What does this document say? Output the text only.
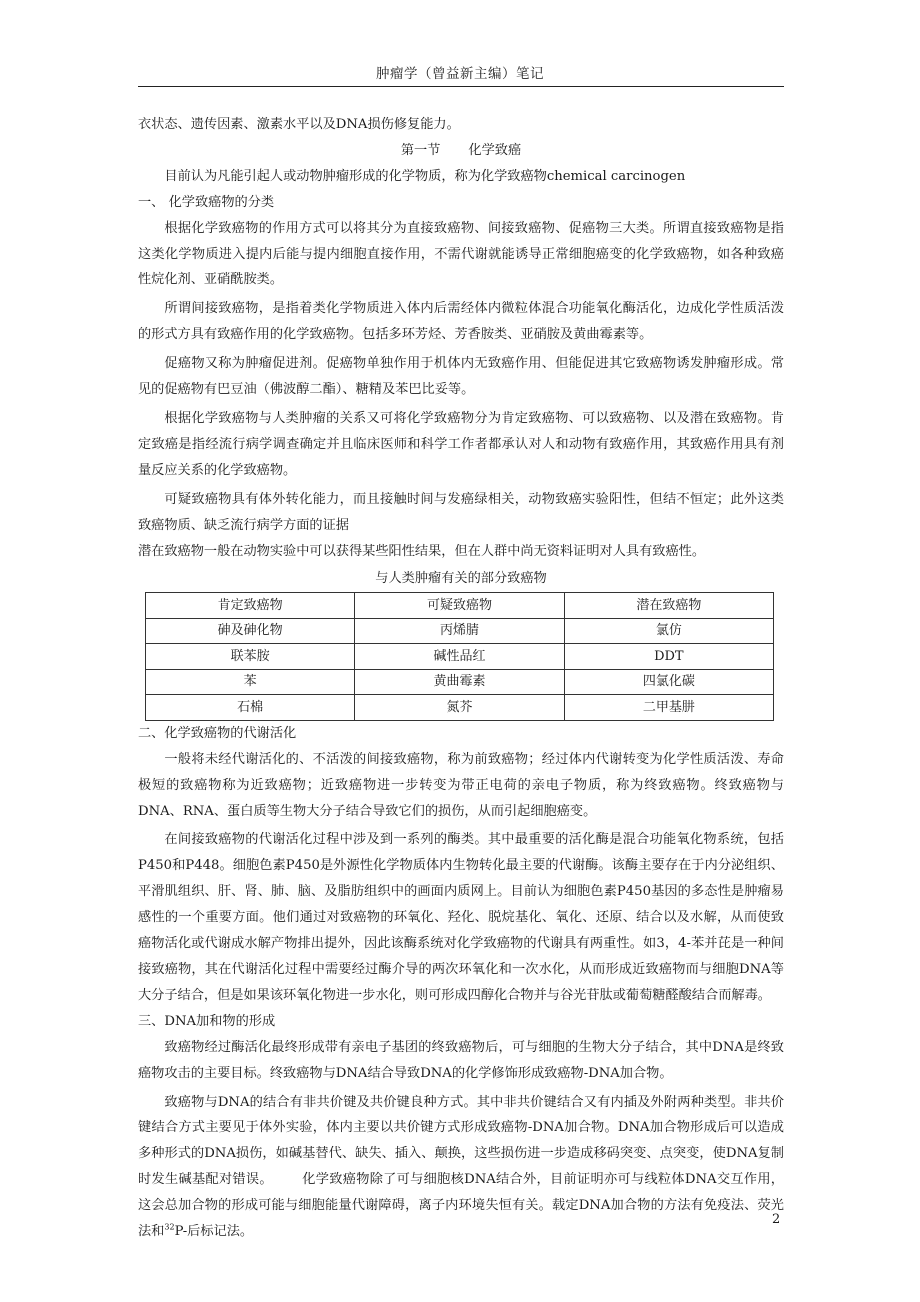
肿瘤学（曾益新主编）笔记

衣状态、遗传因素、激素水平以及DNA损伤修复能力。

第一节 化学致癌

目前认为凡能引起人或动物肿瘤形成的化学物质，称为化学致癌物chemical carcinogen

一、 化学致癌物的分类

根据化学致癌物的作用方式可以将其分为直接致癌物、间接致癌物、促癌物三大类。所谓直接致癌物是指这类化学物质进入提内后能与提内细胞直接作用，不需代谢就能诱导正常细胞癌变的化学致癌物，如各种致癌性烷化剂、亚硝酰胺类。

所谓间接致癌物，是指着类化学物质进入体内后需经体内微粒体混合功能氧化酶活化，边成化学性质活泼的形式方具有致癌作用的化学致癌物。包括多环芳烃、芳香胺类、亚硝胺及黄曲霉素等。

促癌物又称为肿瘤促进剂。促癌物单独作用于机体内无致癌作用、但能促进其它致癌物诱发肿瘤形成。常见的促癌物有巴豆油（佛波醇二酯）、糖精及苯巴比妥等。

根据化学致癌物与人类肿瘤的关系又可将化学致癌物分为肯定致癌物、可以致癌物、以及潜在致癌物。肯定致癌是指经流行病学调查确定并且临床医师和科学工作者都承认对人和动物有致癌作用，其致癌作用具有剂量反应关系的化学致癌物。

可疑致癌物具有体外转化能力，而且接触时间与发癌绿相关，动物致癌实验阳性，但结不恒定；此外这类致癌物质、缺乏流行病学方面的证据

潜在致癌物一般在动物实验中可以获得某些阳性结果，但在人群中尚无资料证明对人具有致癌性。

与人类肿瘤有关的部分致癌物

肯定致癌物	可疑致癌物	潜在致癌物
砷及砷化物	丙烯腈	氯仿
联苯胺	碱性品红	DDT
苯	黄曲霉素	四氯化碳
石棉	氮芥	二甲基肼

二、化学致癌物的代谢活化

一般将未经代谢活化的、不活泼的间接致癌物，称为前致癌物；经过体内代谢转变为化学性质活泼、寿命极短的致癌物称为近致癌物；近致癌物进一步转变为带正电荷的亲电子物质，称为终致癌物。终致癌物与DNA、RNA、蛋白质等生物大分子结合导致它们的损伤，从而引起细胞癌变。

在间接致癌物的代谢活化过程中涉及到一系列的酶类。其中最重要的活化酶是混合功能氧化物系统，包括P450和P448。细胞色素P450是外源性化学物质体内生物转化最主要的代谢酶。该酶主要存在于内分泌组织、平滑肌组织、肝、肾、肺、脑、及脂肪组织中的画面内质网上。目前认为细胞色素P450基因的多态性是肿瘤易感性的一个重要方面。他们通过对致癌物的环氧化、羟化、脱烷基化、氧化、还原、结合以及水解，从而使致癌物活化或代谢成水解产物排出提外，因此该酶系统对化学致癌物的代谢具有两重性。如3，4-苯并芘是一种间接致癌物，其在代谢活化过程中需要经过酶介导的两次环氧化和一次水化，从而形成近致癌物而与细胞DNA等大分子结合，但是如果该环氧化物进一步水化，则可形成四醇化合物并与谷光苷肽或葡萄糖醛酸结合而解毒。

三、DNA加和物的形成

致癌物经过酶活化最终形成带有亲电子基团的终致癌物后，可与细胞的生物大分子结合，其中DNA是终致癌物攻击的主要目标。终致癌物与DNA结合导致DNA的化学修饰形成致癌物-DNA加合物。

致癌物与DNA的结合有非共价键及共价键良种方式。其中非共价键结合又有内插及外附两种类型。非共价键结合方式主要见于体外实验，体内主要以共价键方式形成致癌物-DNA加合物。DNA加合物形成后可以造成多种形式的DNA损伤，如碱基替代、缺失、插入、颠换，这些损伤进一步造成移码突变、点突变，使DNA复制时发生碱基配对错误。 化学致癌物除了可与细胞核DNA结合外，目前证明亦可与线粒体DNA交互作用，这会总加合物的形成可能与细胞能量代谢障碍，离子内环境失恒有关。载定DNA加合物的方法有免疫法、荧光法和$^{32}$P-后标记法。

2
